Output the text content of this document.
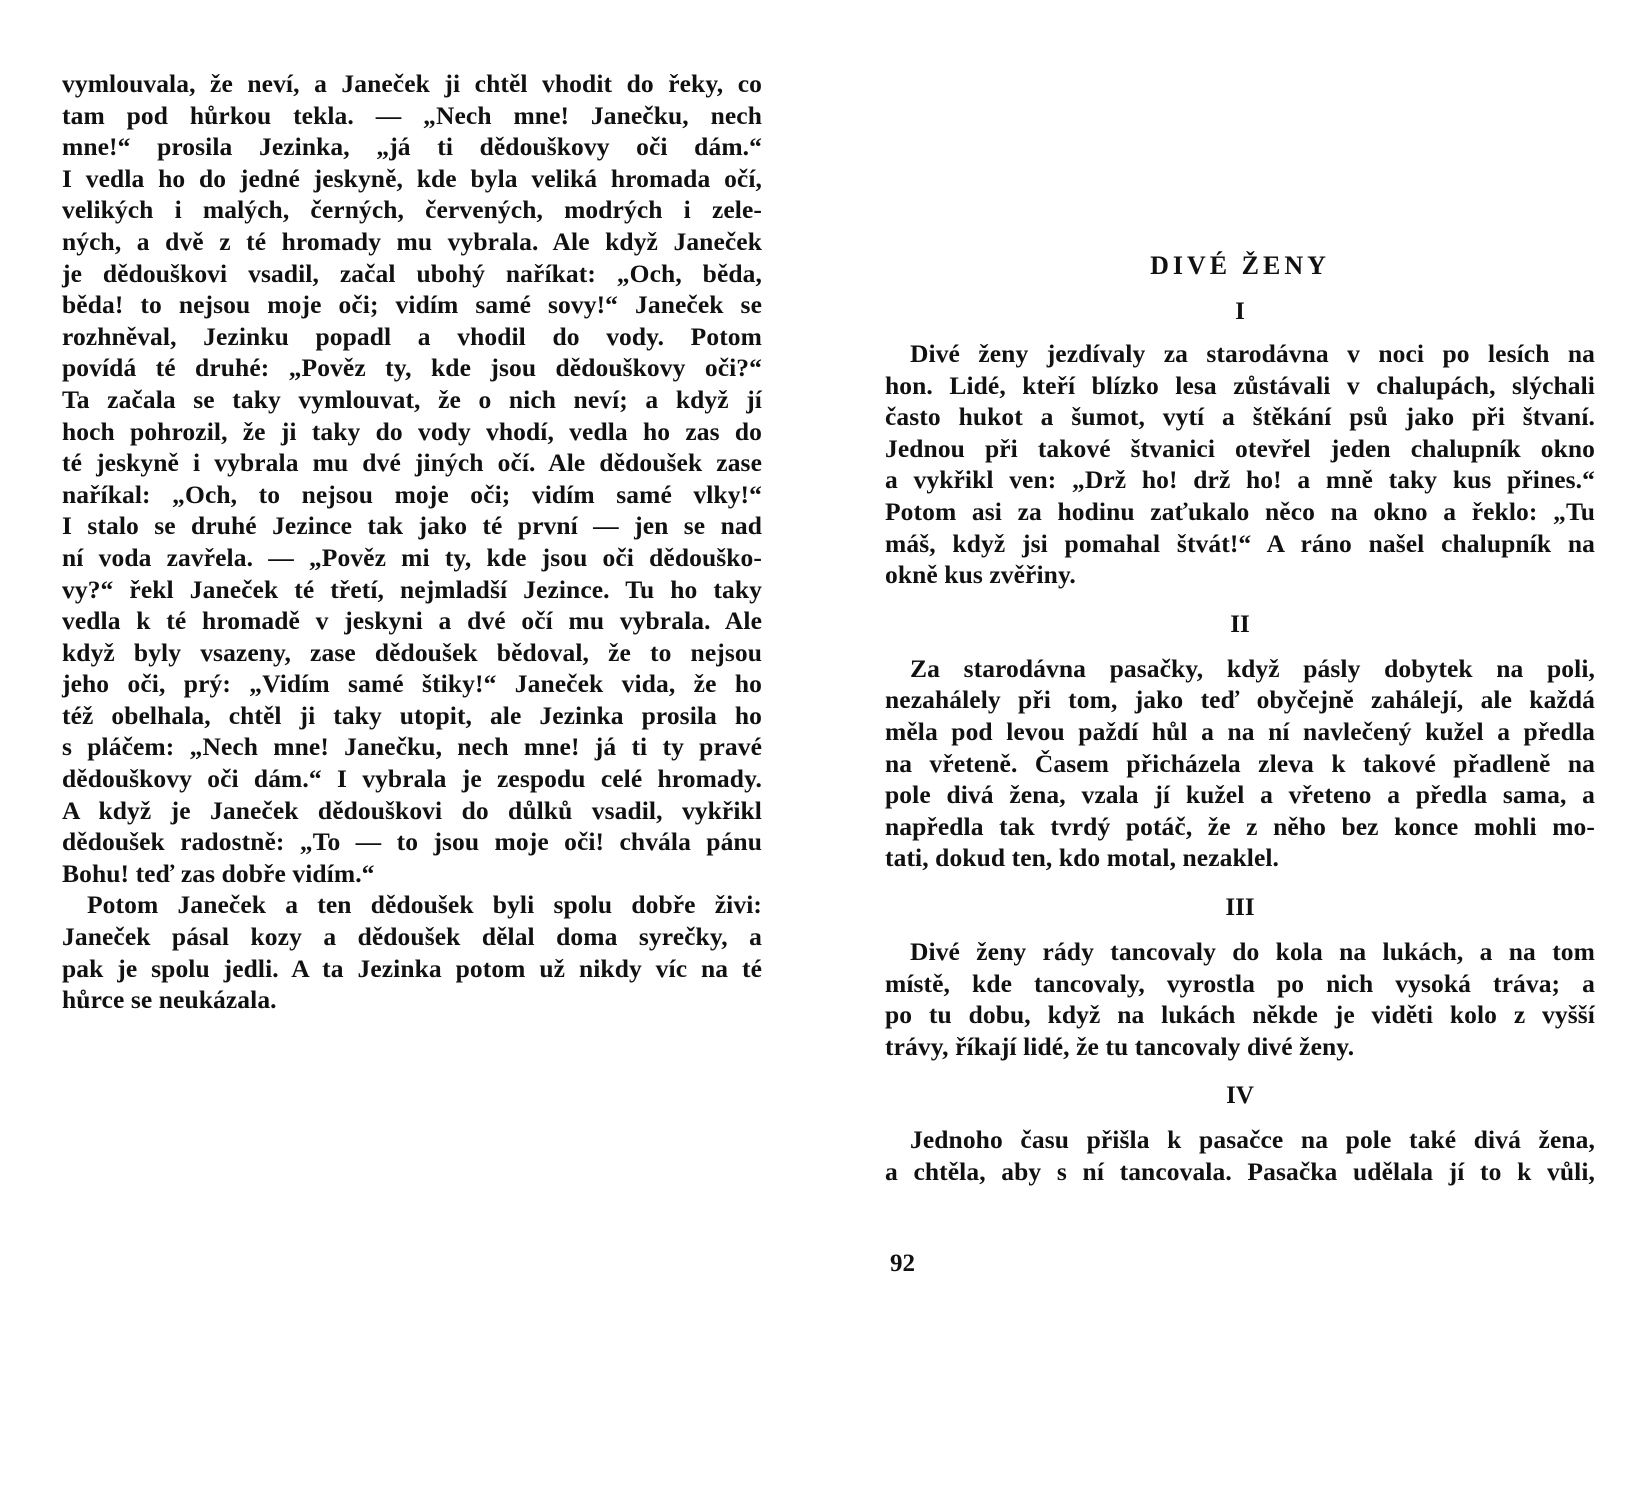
vymlouvala, že neví, a Janeček ji chtěl vhodit do řeky, co
tam pod hůrkou tekla. — „Nech mne! Janečku, nech
mne!“ prosila Jezinka, „já ti dědouškovy oči dám.“
I vedla ho do jedné jeskyně, kde byla veliká hromada očí,
velikých i malých, černých, červených, modrých i zele-
ných, a dvě z té hromady mu vybrala. Ale když Janeček
je dědouškovi vsadil, začal ubohý naříkat: „Och, běda,
běda! to nejsou moje oči; vidím samé sovy!“ Janeček se
rozhněval, Jezinku popadl a vhodil do vody. Potom
povídá té druhé: „Pověz ty, kde jsou dědouškovy oči?“
Ta začala se taky vymlouvat, že o nich neví; a když jí
hoch pohrozil, že ji taky do vody vhodí, vedla ho zas do
té jeskyně i vybrala mu dvé jiných očí. Ale dědoušek zase
naříkal: „Och, to nejsou moje oči; vidím samé vlky!“
I stalo se druhé Jezince tak jako té první — jen se nad
ní voda zavřela. — „Pověz mi ty, kde jsou oči dědouško-
vy?“ řekl Janeček té třetí, nejmladší Jezince. Tu ho taky
vedla k té hromadě v jeskyni a dvé očí mu vybrala. Ale
když byly vsazeny, zase dědoušek bědoval, že to nejsou
jeho oči, prý: „Vidím samé štiky!“ Janeček vida, že ho
též obelhala, chtěl ji taky utopit, ale Jezinka prosila ho
s pláčem: „Nech mne! Janečku, nech mne! já ti ty pravé
dědouškovy oči dám.“ I vybrala je zespodu celé hromady.
A když je Janeček dědouškovi do důlků vsadil, vykřikl
dědoušek radostně: „To — to jsou moje oči! chvála pánu
Bohu! teď zas dobře vidím.“
Potom Janeček a ten dědoušek byli spolu dobře živi:
Janeček pásal kozy a dědoušek dělal doma syrečky, a
pak je spolu jedli. A ta Jezinka potom už nikdy víc na té
hůrce se neukázala.
DIVÉ ŽENY
I
Divé ženy jezdívaly za starodávna v noci po lesích na
hon. Lidé, kteří blízko lesa zůstávali v chalupách, slýchali
často hukot a šumot, vytí a štěkání psů jako při štvaní.
Jednou při takové štvanici otevřel jeden chalupník okno
a vykřikl ven: „Drž ho! drž ho! a mně taky kus přines.“
Potom asi za hodinu zaťukalo něco na okno a řeklo: „Tu
máš, když jsi pomahal štvát!“ A ráno našel chalupník na
okně kus zvěřiny.
II
Za starodávna pasačky, když pásly dobytek na poli,
nezahálely při tom, jako teď obyčejně zahálejí, ale každá
měla pod levou paždí hůl a na ní navlečený kužel a předla
na vřeteně. Časem přicházela zleva k takové přadleně na
pole divá žena, vzala jí kužel a vřeteno a předla sama, a
napředla tak tvrdý potáč, že z něho bez konce mohli mo-
tati, dokud ten, kdo motal, nezaklel.
III
Divé ženy rády tancovaly do kola na lukách, a na tom
místě, kde tancovaly, vyrostla po nich vysoká tráva; a
po tu dobu, když na lukách někde je viděti kolo z vyšší
trávy, říkají lidé, že tu tancovaly divé ženy.
IV
Jednoho času přišla k pasačce na pole také divá žena,
a chtěla, aby s ní tancovala. Pasačka udělala jí to k vůli,
92
